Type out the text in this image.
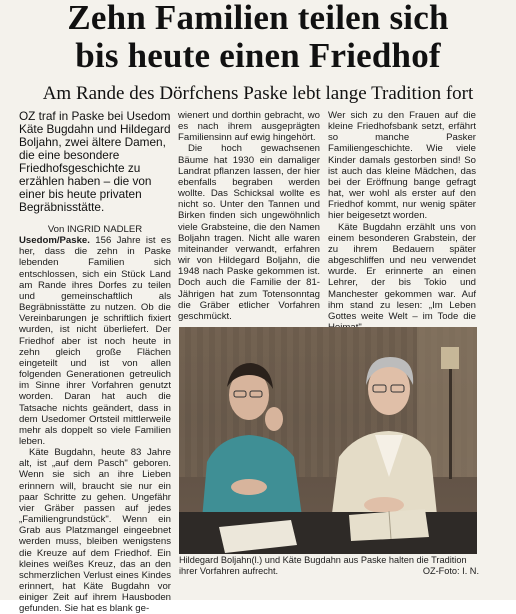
Zehn Familien teilen sich
bis heute einen Friedhof
Am Rande des Dörfchens Paske lebt lange Tradition fort

OZ traf in Paske bei Usedom Käte Bugdahn und Hildegard Boljahn, zwei ältere Damen, die eine besondere Friedhofsgeschichte zu erzählen haben – die von einer bis heute privaten Begräbnisstätte.

Von INGRID NADLER

Usedom/Paske. 156 Jahre ist es her, dass die zehn in Paske lebenden Familien sich entschlossen, sich ein Stück Land am Rande ihres Dorfes zu teilen und gemeinschaftlich als Begräbnisstätte zu nutzen. Ob die Vereinbarungen je schriftlich fixiert wurden, ist nicht überliefert. Der Friedhof aber ist noch heute in zehn gleich große Flächen eingeteilt und ist von allen folgenden Generationen getreulich im Sinne ihrer Vorfahren genutzt worden. Daran hat auch die Tatsache nichts geändert, dass in dem Usedomer Ortsteil mittlerweile mehr als doppelt so viele Familien leben.

Käte Bugdahn, heute 83 Jahre alt, ist „auf dem Pasch" geboren. Wenn sie sich an ihre Lieben erinnern will, braucht sie nur ein paar Schritte zu gehen. Ungefähr vier Gräber passen auf jedes „Familiengrundstück". Wenn ein Grab aus Platzmangel eingeebnet werden muss, bleiben wenigstens die Kreuze auf dem Friedhof. Ein kleines weißes Kreuz, das an den schmerzlichen Verlust eines Kindes erinnert, hat Käte Bugdahn vor einiger Zeit auf ihrem Hausboden gefunden. Sie hat es blank ge-

wienert und dorthin gebracht, wo es nach ihrem ausgeprägten Familiensinn auf ewig hingehört.

Die hoch gewachsenen Bäume hat 1930 ein damaliger Landrat pflanzen lassen, der hier ebenfalls begraben werden wollte. Das Schicksal wollte es nicht so. Unter den Tannen und Birken finden sich ungewöhnlich viele Grabsteine, die den Namen Boljahn tragen. Nicht alle waren miteinander verwandt, erfahren wir von Hildegard Boljahn, die 1948 nach Paske gekommen ist. Doch auch die Familie der 81-Jährigen hat zum Totensonntag die Gräber etlicher Vorfahren geschmückt.

Wer sich zu den Frauen auf die kleine Friedhofsbank setzt, erfährt so manche Pasker Familiengeschichte. Wie viele Kinder damals gestorben sind! So ist auch das kleine Mädchen, das bei der Eröffnung bange gefragt hat, wer wohl als erster auf den Friedhof kommt, nur wenig später hier beigesetzt worden.

Käte Bugdahn erzählt uns von einem besonderen Grabstein, der zu ihrem Bedauern später abgeschliffen und neu verwendet wurde. Er erinnerte an einen Lehrer, der bis Tokio und Manchester gekommen war. Auf ihm stand zu lesen: „Im Leben Gottes weite Welt – im Tode die

Hildegard Boljahn(l.) und Käte Bugdahn aus Paske halten die Tradition ihrer Vorfahren aufrecht.	OZ-Foto: I. N.
